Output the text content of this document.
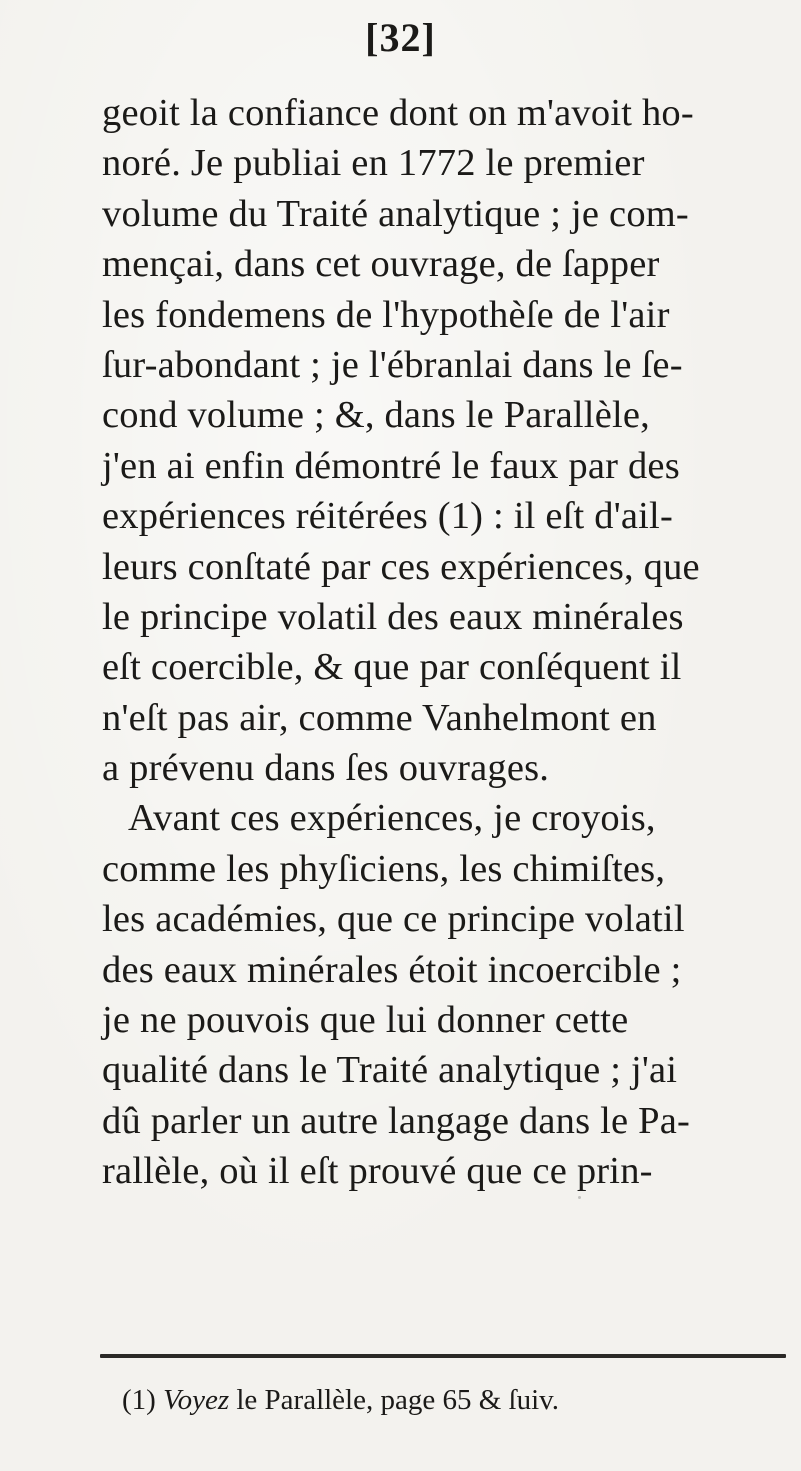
[32]
geoit la confiance dont on m'avoit ho-
noré. Je publiai en 1772 le premier
volume du Traité analytique ; je com-
mençai, dans cet ouvrage, de ſapper
les fondemens de l'hypothèſe de l'air
ſur-abondant ; je l'ébranlai dans le ſe-
cond volume ; &, dans le Parallèle,
j'en ai enfin démontré le faux par des
expériences réitérées (1) : il eſt d'ail-
leurs conſtaté par ces expériences, que
le principe volatil des eaux minérales
eſt coercible, & que par conſéquent il
n'eſt pas air, comme Vanhelmont en
a prévenu dans ſes ouvrages.
Avant ces expériences, je croyois,
comme les phyſiciens, les chimiſtes,
les académies, que ce principe volatil
des eaux minérales étoit incoercible ;
je ne pouvois que lui donner cette
qualité dans le Traité analytique ; j'ai
dû parler un autre langage dans le Pa-
rallèle, où il eſt prouvé que ce prin-
(1) Voyez le Parallèle, page 65 & ſuiv.
